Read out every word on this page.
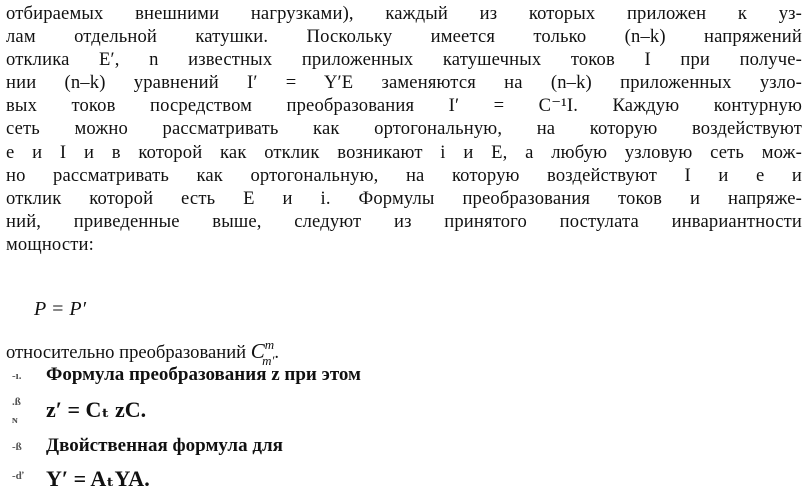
отбираемых внешними нагрузками), каждый из которых приложен к уз-
лам отдельной катушки. Поскольку имеется только (n–k) напряжений
отклика E′, n известных приложенных катушечных токов I при получе-
нии (n–k) уравнений I′ = Y′E заменяются на (n–k) приложенных узло-
вых токов посредством преобразования I′ = C⁻¹I. Каждую контурную
сеть можно рассматривать как ортогональную, на которую воздействуют
e и I и в которой как отклик возникают i и E, а любую узловую сеть мож-
но рассматривать как ортогональную, на которую воздействуют I и e и
отклик которой есть E и i. Формулы преобразования токов и напряже-
ний, приведенные выше, следуют из принятого постулата инвариантности
мощности:
P = P′
относительно преобразований $C^m_{m'}$.
-ı. Формула преобразования z при этом
.ß
ɴ z′ = Cₜ zC.
-ß Двойственная формула для
-ď Y′ = AₜYA.
